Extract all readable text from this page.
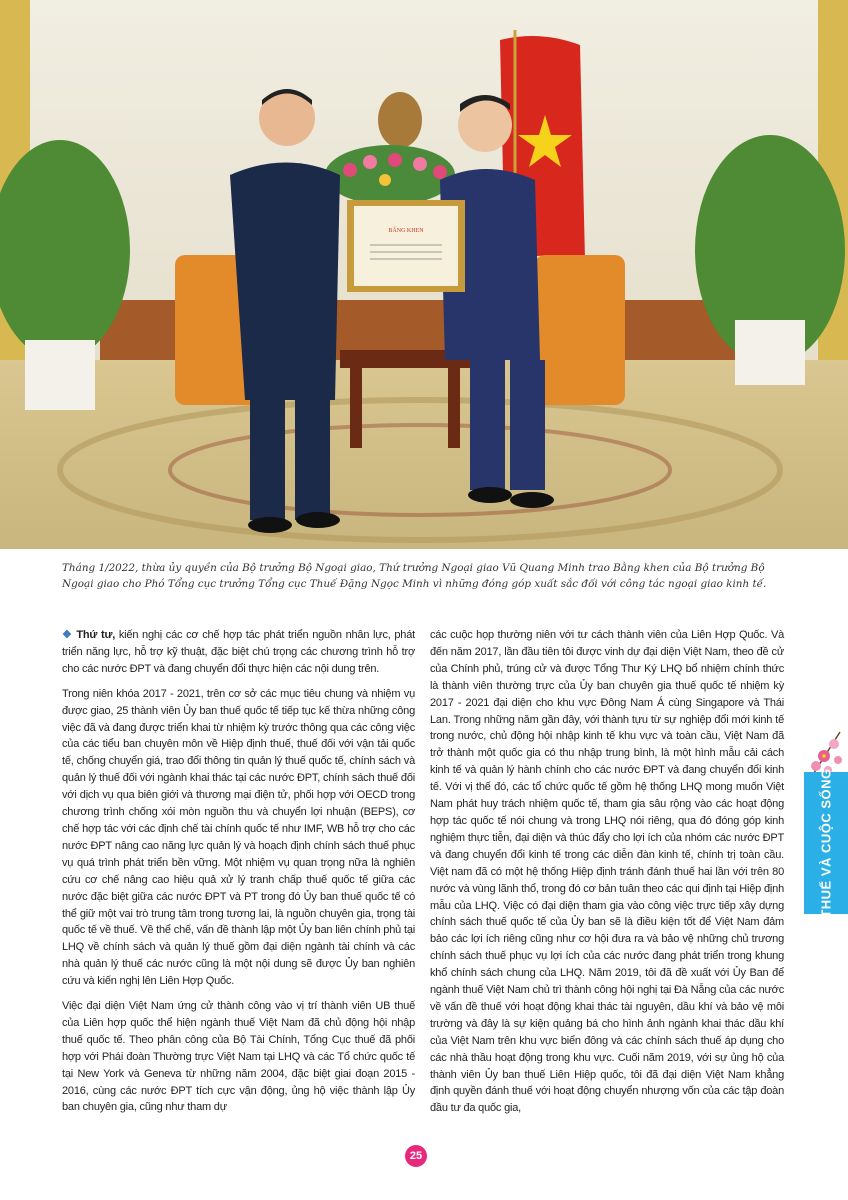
BẰNG KHEN

Tháng 1/2022, thừa ủy quyền của Bộ trưởng Bộ Ngoại giao, Thứ trưởng Ngoại giao Vũ Quang Minh trao Bằng khen của Bộ trưởng Bộ Ngoại giao cho Phó Tổng cục trưởng Tổng cục Thuế Đặng Ngọc Minh vì những đóng góp xuất sắc đối với công tác ngoại giao kinh tế.

❖ Thứ tư, kiến nghị các cơ chế hợp tác phát triển nguồn nhân lực, phát triển năng lực, hỗ trợ kỹ thuật, đặc biệt chú trọng các chương trình hỗ trợ cho các nước ĐPT và đang chuyển đổi thực hiện các nội dung trên.

Trong niên khóa 2017 - 2021, trên cơ sở các mục tiêu chung và nhiệm vụ được giao, 25 thành viên Ủy ban thuế quốc tế tiếp tục kế thừa những công việc đã và đang được triển khai từ nhiệm kỳ trước thông qua các công việc của các tiểu ban chuyên môn về Hiệp định thuế, thuế đối với vận tải quốc tế, chống chuyển giá, trao đổi thông tin quản lý thuế quốc tế, chính sách và quản lý thuế đối với ngành khai thác tại các nước ĐPT, chính sách thuế đối với dịch vụ qua biên giới và thương mại điện tử, phối hợp với OECD trong chương trình chống xói mòn nguồn thu và chuyển lợi nhuận (BEPS), cơ chế hợp tác với các định chế tài chính quốc tế như IMF, WB hỗ trợ cho các nước ĐPT nâng cao năng lực quản lý và hoạch định chính sách thuế phục vụ quá trình phát triển bền vững. Một nhiệm vụ quan trọng nữa là nghiên cứu cơ chế nâng cao hiệu quả xử lý tranh chấp thuế quốc tế giữa các nước đặc biệt giữa các nước ĐPT và PT trong đó Ủy ban thuế quốc tế có thể giữ một vai trò trung tâm trong tương lai, là nguồn chuyên gia, trọng tài quốc tế về thuế. Về thể chế, vấn đề thành lập một Ủy ban liên chính phủ tại LHQ về chính sách và quản lý thuế gồm đại diện ngành tài chính và các nhà quản lý thuế các nước cũng là một nội dung sẽ được Ủy ban nghiên cứu và kiến nghị lên Liên Hợp Quốc.

Việc đại diện Việt Nam ứng cử thành công vào vị trí thành viên UB thuế của Liên hợp quốc thể hiện ngành thuế Việt Nam đã chủ động hội nhập thuế quốc tế. Theo phân công của Bộ Tài Chính, Tổng Cục thuế đã phối hợp với Phái đoàn Thường trực Việt Nam tại LHQ và các Tổ chức quốc tế tại New York và Geneva từ những năm 2004, đặc biệt giai đoạn 2015 - 2016, cùng các nước ĐPT tích cực vận động, ủng hộ việc thành lập Ủy ban chuyên gia, cũng như tham dự

các cuộc họp thường niên với tư cách thành viên của Liên Hợp Quốc. Và đến năm 2017, lần đầu tiên tôi được vinh dự đại diện Việt Nam, theo đề cử của Chính phủ, trúng cử và được Tổng Thư Ký LHQ bổ nhiệm chính thức là thành viên thường trực của Ủy ban chuyên gia thuế quốc tế nhiệm kỳ 2017 - 2021 đại diện cho khu vực Đông Nam Á cùng Singapore và Thái Lan. Trong những năm gần đây, với thành tựu từ sự nghiệp đổi mới kinh tế trong nước, chủ động hội nhập kinh tế khu vực và toàn cầu, Việt Nam đã trở thành một quốc gia có thu nhập trung bình, là một hình mẫu cải cách kinh tế và quản lý hành chính cho các nước ĐPT và đang chuyển đổi kinh tế. Với vị thế đó, các tổ chức quốc tế gồm hệ thống LHQ mong muốn Việt Nam phát huy trách nhiệm quốc tế, tham gia sâu rộng vào các hoạt động hợp tác quốc tế nói chung và trong LHQ nói riêng, qua đó đóng góp kinh nghiệm thực tiễn, đại diện và thúc đẩy cho lợi ích của nhóm các nước ĐPT và đang chuyển đổi kinh tế trong các diễn đàn kinh tế, chính trị toàn cầu. Việt nam đã có một hệ thống Hiệp định tránh đánh thuế hai lần với trên 80 nước và vùng lãnh thổ, trong đó cơ bản tuân theo các qui định tại Hiệp định mẫu của LHQ. Việc có đại diện tham gia vào công việc trực tiếp xây dựng chính sách thuế quốc tế của Ủy ban sẽ là điều kiện tốt để Việt Nam đảm bảo các lợi ích riêng cũng như cơ hội đưa ra và bảo vệ những chủ trương chính sách thuế phục vụ lợi ích của các nước đang phát triển trong khung khổ chính sách chung của LHQ. Năm 2019, tôi đã đề xuất với Ủy Ban để ngành thuế Việt Nam chủ trì thành công hội nghị tại Đà Nẵng của các nước về vấn đề thuế với hoạt động khai thác tài nguyên, dầu khí và bảo vệ môi trường và đây là sự kiện quảng bá cho hình ảnh ngành khai thác dầu khí của Việt Nam trên khu vực biển đông và các chính sách thuế áp dụng cho các nhà thầu hoạt động trong khu vực. Cuối năm 2019, với sự ủng hộ của thành viên Ủy ban thuế Liên Hiệp quốc, tôi đã đại diện Việt Nam khẳng định quyền đánh thuế với hoạt động chuyển nhượng vốn của các tập đoàn đầu tư đa quốc gia,

THUẾ VÀ CUỘC SỐNG
25
